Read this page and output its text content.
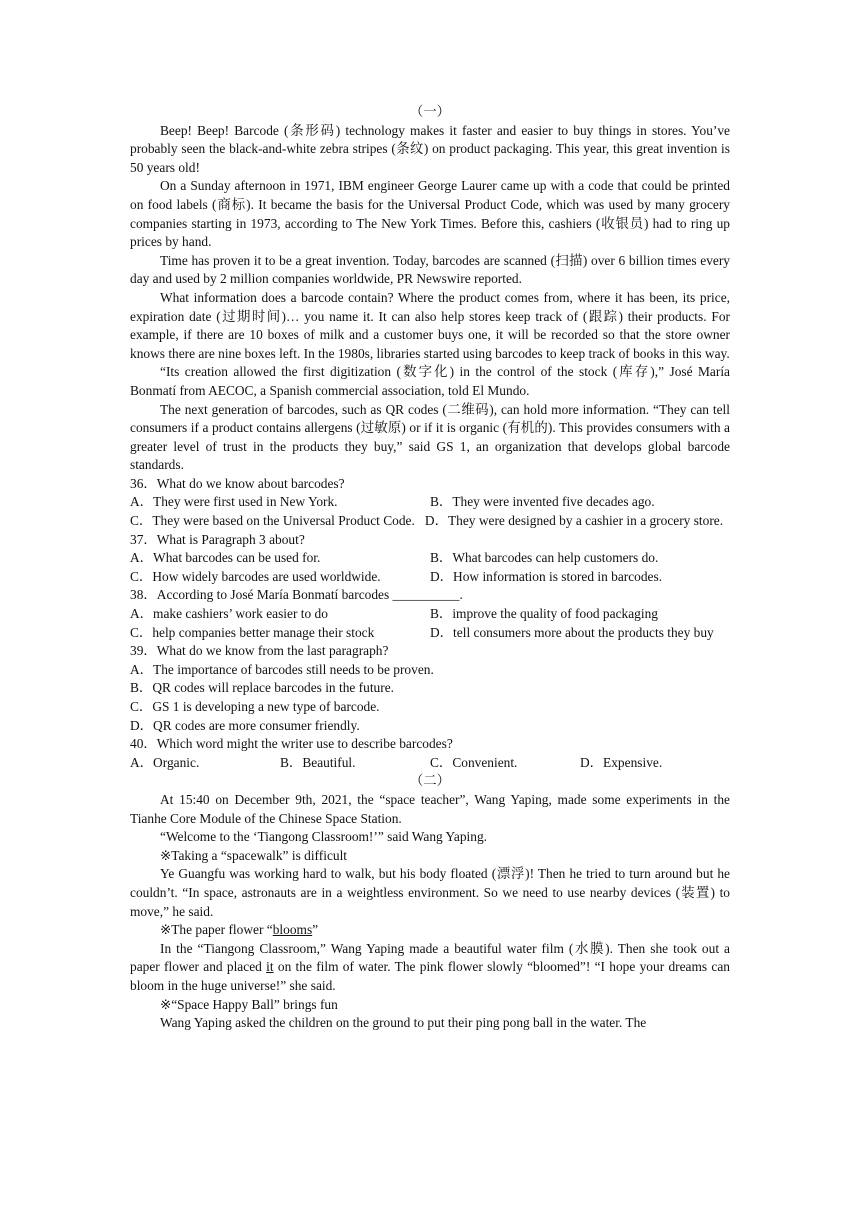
（一）

Beep! Beep! Barcode (条形码) technology makes it faster and easier to buy things in stores. You’ve probably seen the black-and-white zebra stripes (条纹) on product packaging. This year, this great invention is 50 years old!

On a Sunday afternoon in 1971, IBM engineer George Laurer came up with a code that could be printed on food labels (商标). It became the basis for the Universal Product Code, which was used by many grocery companies starting in 1973, according to The New York Times. Before this, cashiers (收银员) had to ring up prices by hand.

Time has proven it to be a great invention. Today, barcodes are scanned (扫描) over 6 billion times every day and used by 2 million companies worldwide, PR Newswire reported.

What information does a barcode contain? Where the product comes from, where it has been, its price, expiration date (过期时间)… you name it. It can also help stores keep track of (跟踪) their products. For example, if there are 10 boxes of milk and a customer buys one, it will be recorded so that the store owner knows there are nine boxes left. In the 1980s, libraries started using barcodes to keep track of books in this way.

“Its creation allowed the first digitization (数字化) in the control of the stock (库存),” José María Bonmatí from AECOC, a Spanish commercial association, told El Mundo.

The next generation of barcodes, such as QR codes (二维码), can hold more information. “They can tell consumers if a product contains allergens (过敏原) or if it is organic (有机的). This provides consumers with a greater level of trust in the products they buy,” said GS 1, an organization that develops global barcode standards.

36．What do we know about barcodes?
A．They were first used in New York.	B．They were invented five decades ago.
C．They were based on the Universal Product Code. D．They were designed by a cashier in a grocery store.
37．What is Paragraph 3 about?
A．What barcodes can be used for.	B．What barcodes can help customers do.
C．How widely barcodes are used worldwide.	D．How information is stored in barcodes.
38．According to José María Bonmatí barcodes __________.
A．make cashiers’ work easier to do	B．improve the quality of food packaging
C．help companies better manage their stock	D．tell consumers more about the products they buy
39．What do we know from the last paragraph?
A．The importance of barcodes still needs to be proven.
B．QR codes will replace barcodes in the future.
C．GS 1 is developing a new type of barcode.
D．QR codes are more consumer friendly.
40．Which word might the writer use to describe barcodes?
A．Organic.	B．Beautiful.	C．Convenient.	D．Expensive.
（二）

At 15:40 on December 9th, 2021, the “space teacher”, Wang Yaping, made some experiments in the Tianhe Core Module of the Chinese Space Station.

“Welcome to the ‘Tiangong Classroom!’” said Wang Yaping.

※Taking a “spacewalk” is difficult

Ye Guangfu was working hard to walk, but his body floated (漂浮)! Then he tried to turn around but he couldn’t. “In space, astronauts are in a weightless environment. So we need to use nearby devices (装置) to move,” he said.

※The paper flower “blooms”

In the “Tiangong Classroom,” Wang Yaping made a beautiful water film (水膜). Then she took out a paper flower and placed it on the film of water. The pink flower slowly “bloomed”! “I hope your dreams can bloom in the huge universe!” she said.

※“Space Happy Ball” brings fun

Wang Yaping asked the children on the ground to put their ping pong ball in the water. The
